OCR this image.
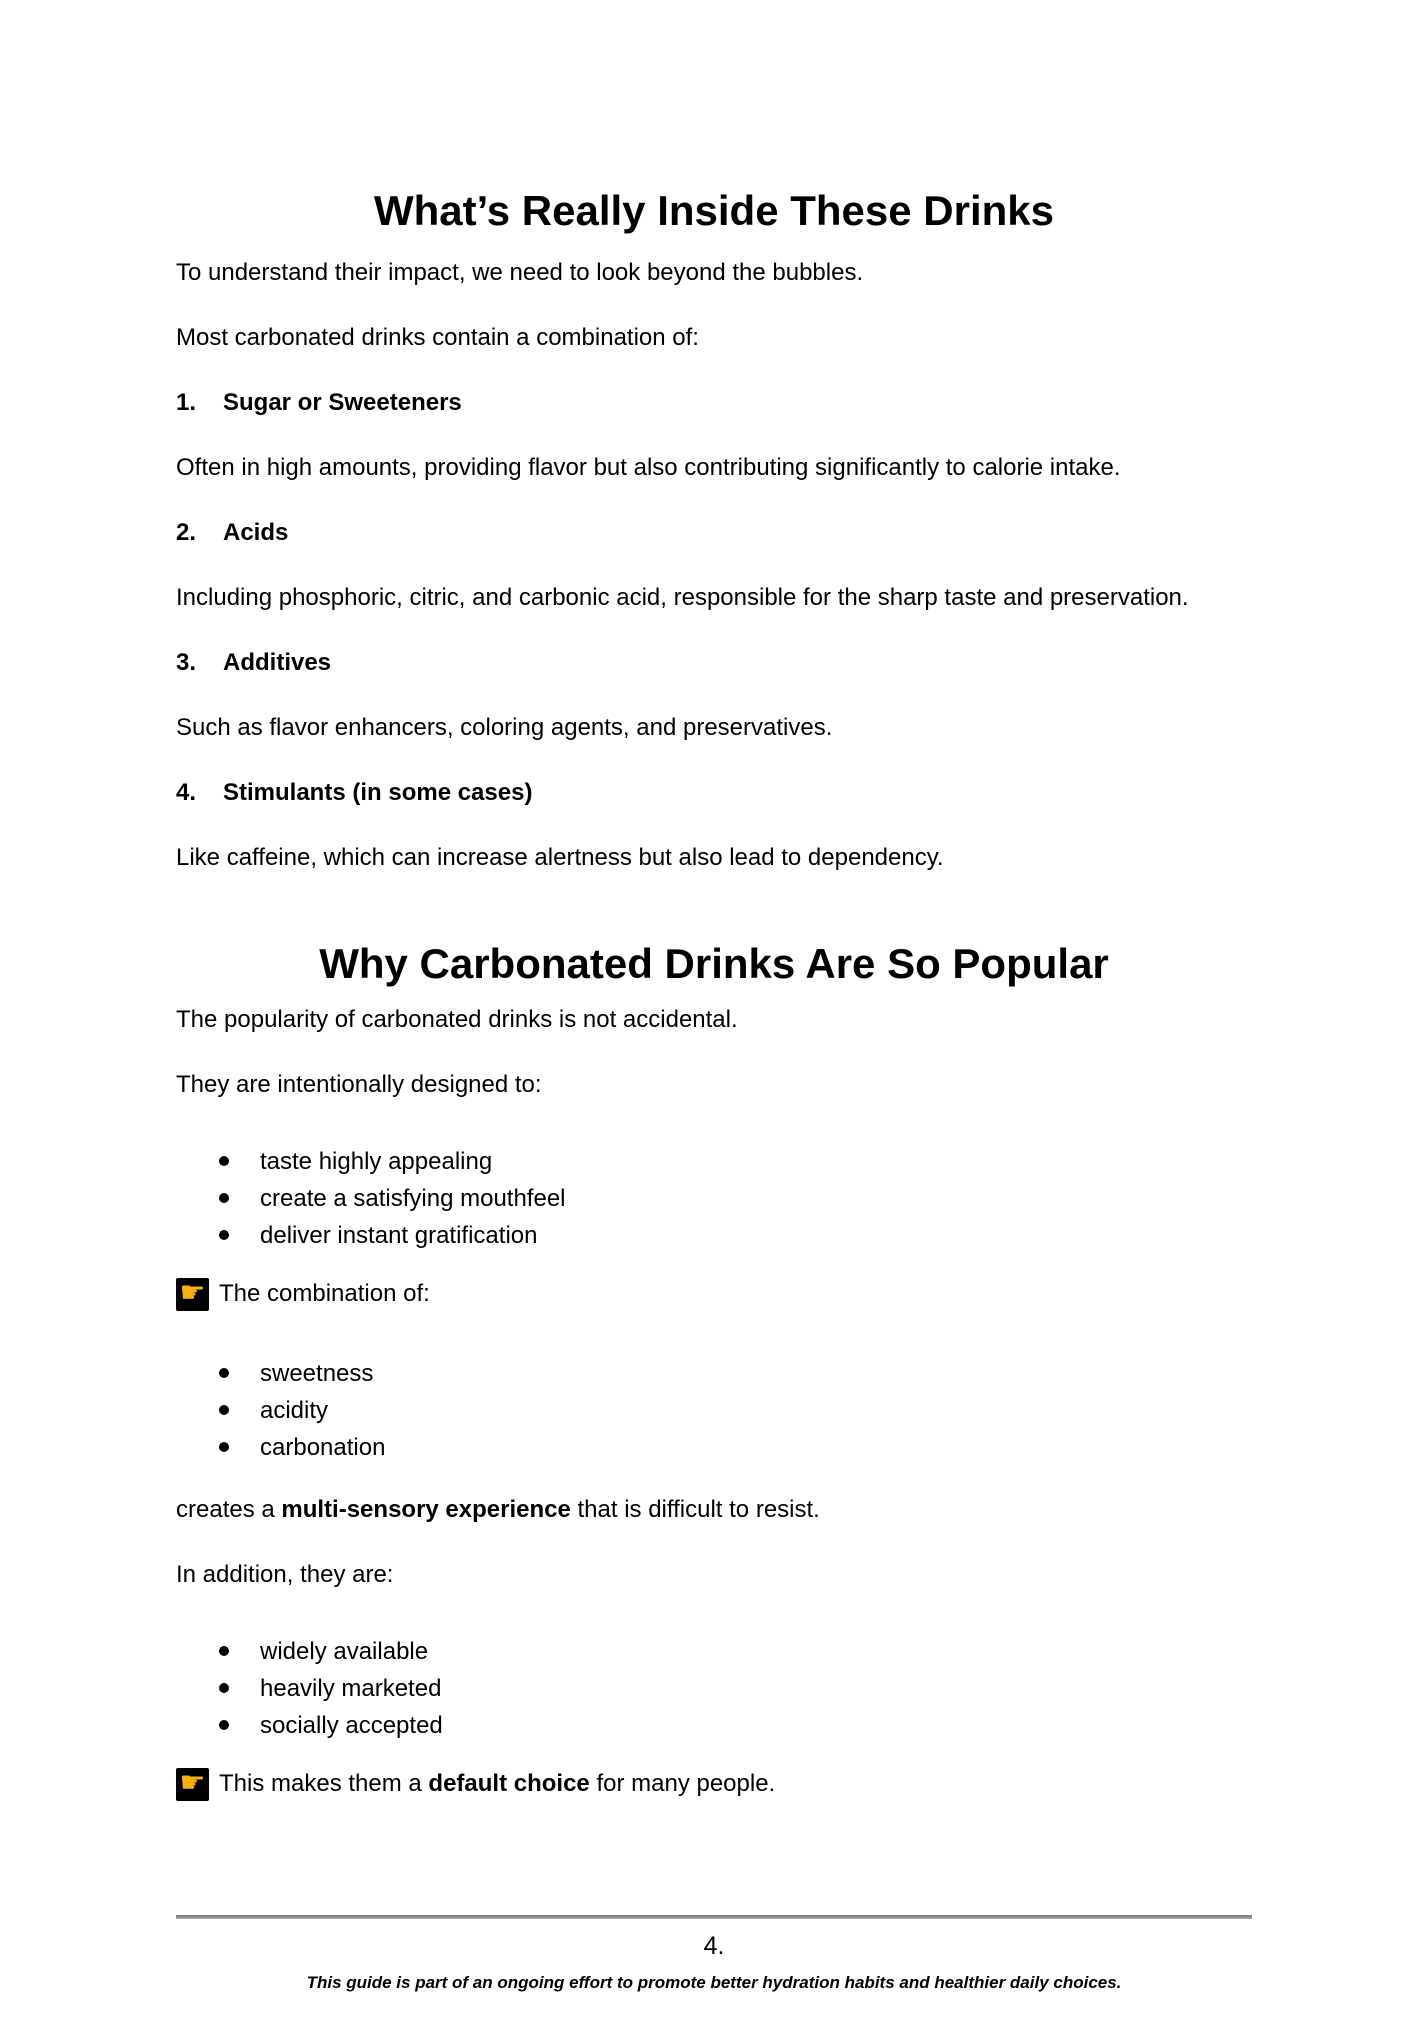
What’s Really Inside These Drinks

To understand their impact, we need to look beyond the bubbles.

Most carbonated drinks contain a combination of:

1. Sugar or Sweeteners

Often in high amounts, providing flavor but also contributing significantly to calorie intake.

2. Acids

Including phosphoric, citric, and carbonic acid, responsible for the sharp taste and preservation.

3. Additives

Such as flavor enhancers, coloring agents, and preservatives.

4. Stimulants (in some cases)

Like caffeine, which can increase alertness but also lead to dependency.

Why Carbonated Drinks Are So Popular

The popularity of carbonated drinks is not accidental.

They are intentionally designed to:

taste highly appealing
create a satisfying mouthfeel
deliver instant gratification
☛ The combination of:
sweetness
acidity
carbonation

creates a multi-sensory experience that is difficult to resist.

In addition, they are:

widely available
heavily marketed
socially accepted
☛ This makes them a default choice for many people.
4.
This guide is part of an ongoing effort to promote better hydration habits and healthier daily choices.
